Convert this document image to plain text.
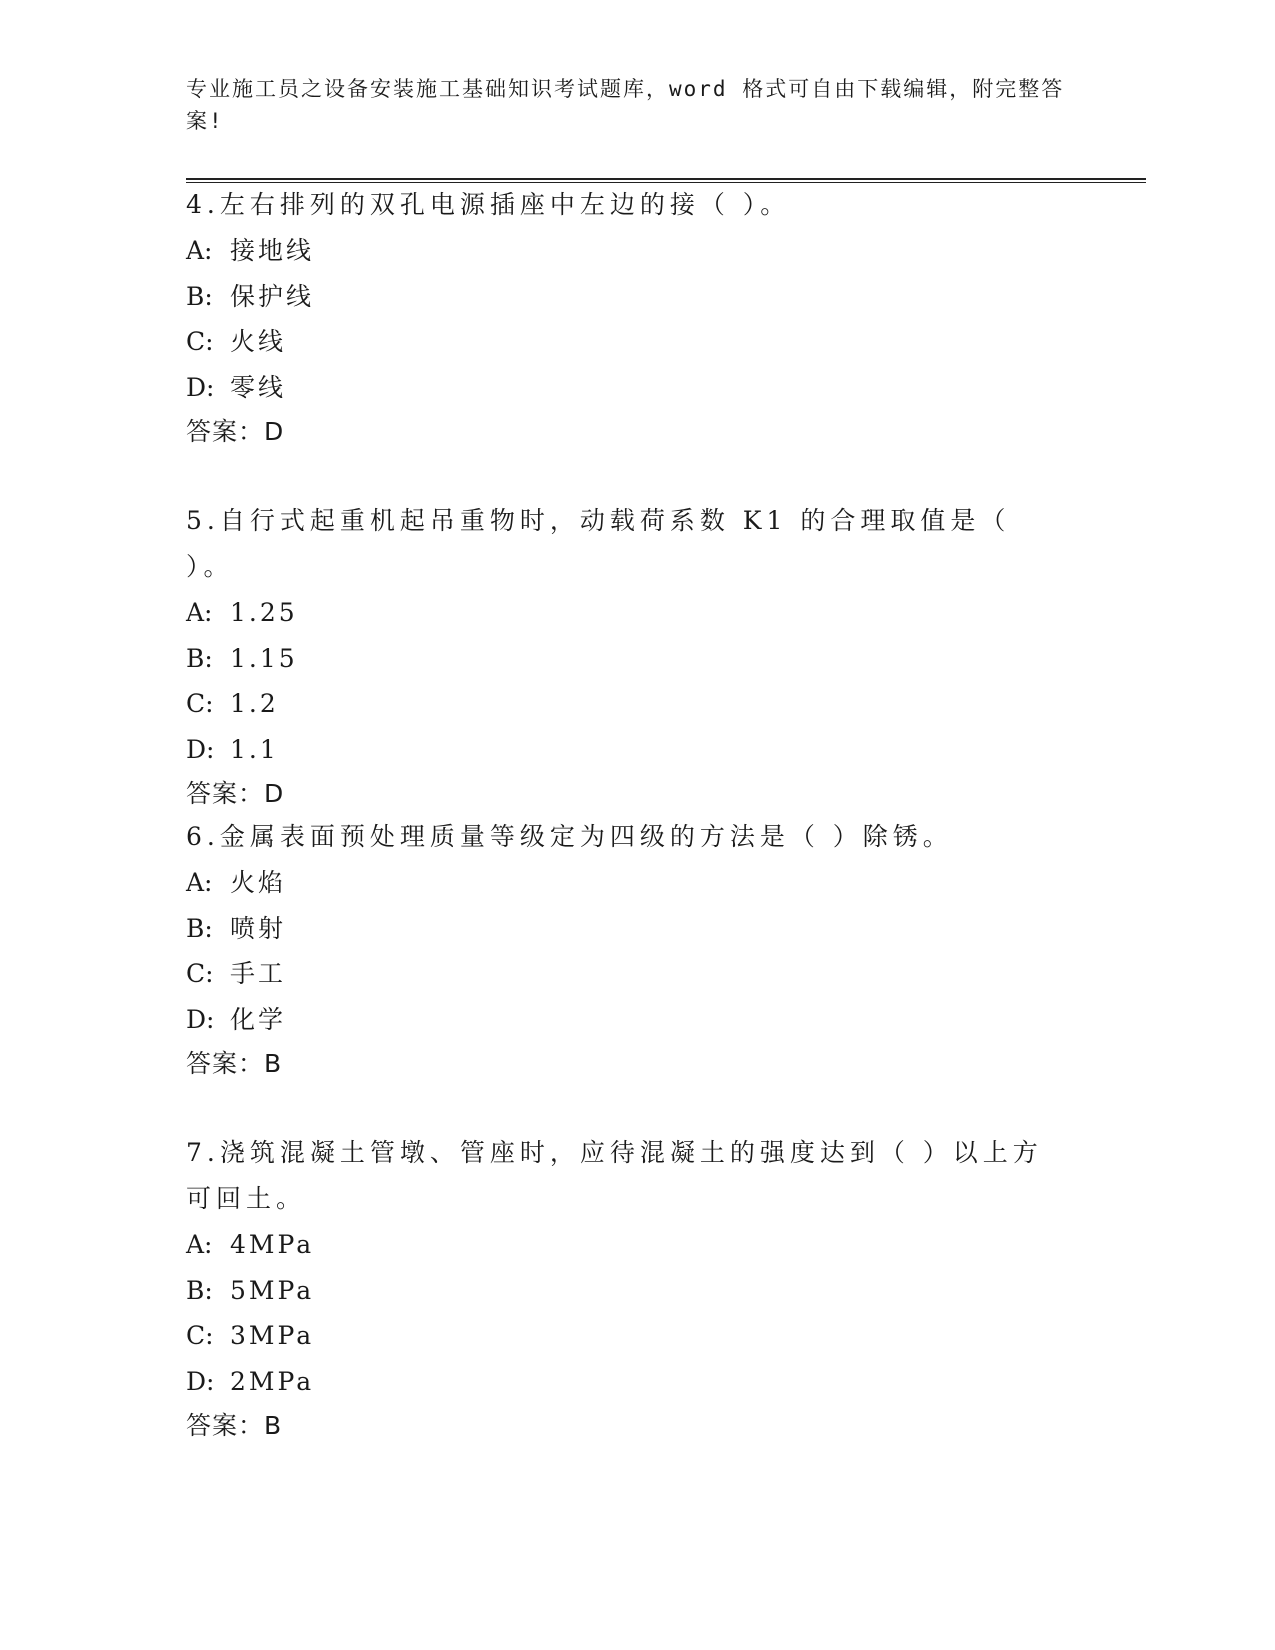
专业施工员之设备安装施工基础知识考试题库，word 格式可自由下载编辑，附完整答案!

4.左右排列的双孔电源插座中左边的接（ ）。

A: 接地线

B: 保护线

C: 火线

D: 零线

答案：D

5.自行式起重机起吊重物时，动载荷系数 K1 的合理取值是（ ）。

A: 1.25

B: 1.15

C: 1.2

D: 1.1

答案：D

6.金属表面预处理质量等级定为四级的方法是（ ）除锈。

A: 火焰

B: 喷射

C: 手工

D: 化学

答案：B

7.浇筑混凝土管墩、管座时，应待混凝土的强度达到（ ）以上方可回土。

A: 4MPa

B: 5MPa

C: 3MPa

D: 2MPa

答案：B
